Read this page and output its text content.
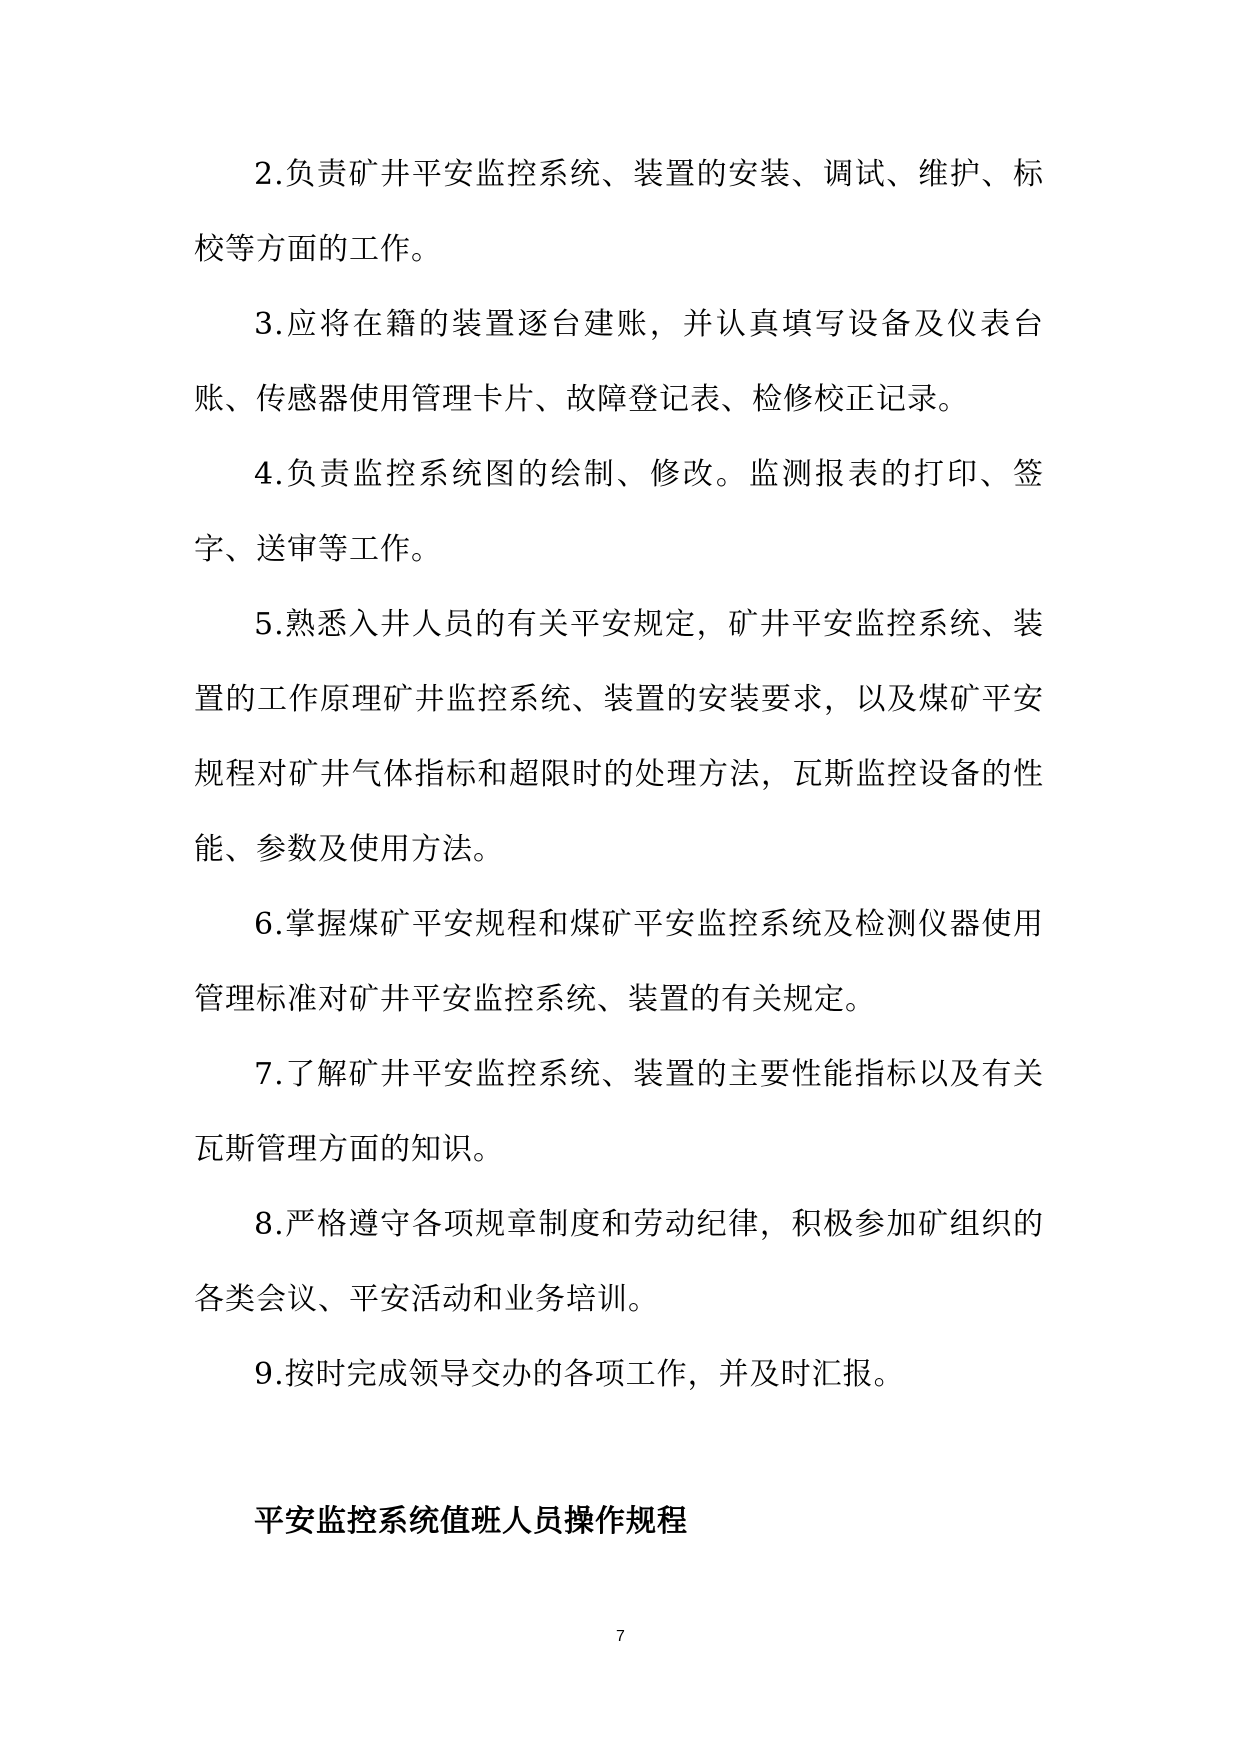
2.负责矿井平安监控系统、装置的安装、调试、维护、标校等方面的工作。

3.应将在籍的装置逐台建账，并认真填写设备及仪表台账、传感器使用管理卡片、故障登记表、检修校正记录。

4.负责监控系统图的绘制、修改。监测报表的打印、签字、送审等工作。

5.熟悉入井人员的有关平安规定，矿井平安监控系统、装置的工作原理矿井监控系统、装置的安装要求，以及煤矿平安规程对矿井气体指标和超限时的处理方法，瓦斯监控设备的性能、参数及使用方法。

6.掌握煤矿平安规程和煤矿平安监控系统及检测仪器使用管理标准对矿井平安监控系统、装置的有关规定。

7.了解矿井平安监控系统、装置的主要性能指标以及有关瓦斯管理方面的知识。

8.严格遵守各项规章制度和劳动纪律，积极参加矿组织的各类会议、平安活动和业务培训。

9.按时完成领导交办的各项工作，并及时汇报。

平安监控系统值班人员操作规程
7
